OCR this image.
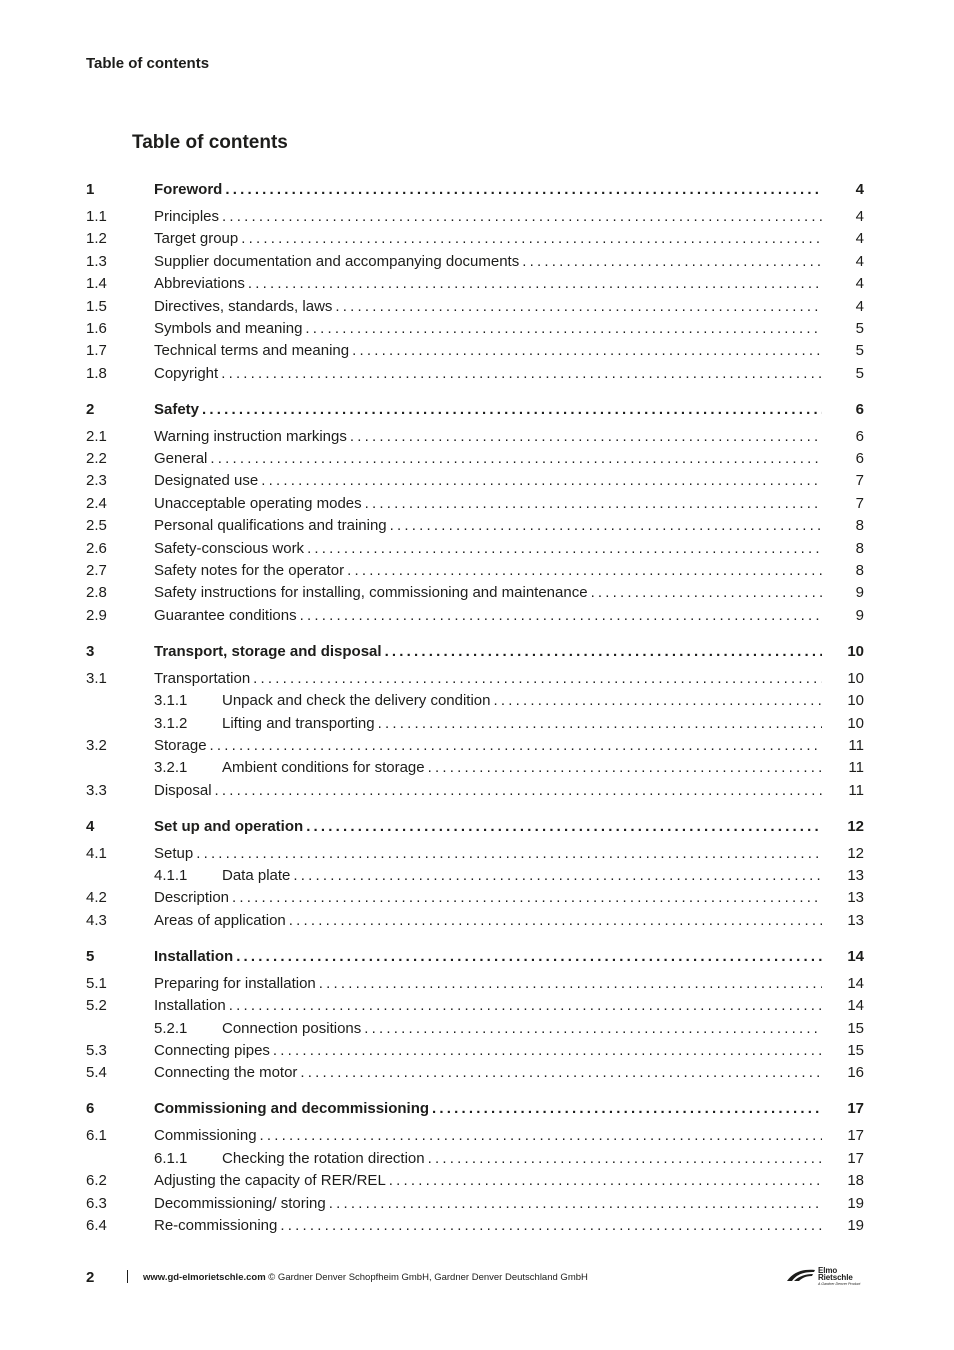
Table of contents
Table of contents
1	Foreword .....	4
1.1	Principles .....	4
1.2	Target group .....	4
1.3	Supplier documentation and accompanying documents .....	4
1.4	Abbreviations .....	4
1.5	Directives, standards, laws .....	4
1.6	Symbols and meaning .....	5
1.7	Technical terms and meaning .....	5
1.8	Copyright .....	5
2	Safety .....	6
2.1	Warning instruction markings .....	6
2.2	General .....	6
2.3	Designated use .....	7
2.4	Unacceptable operating modes .....	7
2.5	Personal qualifications and training .....	8
2.6	Safety-conscious work .....	8
2.7	Safety notes for the operator .....	8
2.8	Safety instructions for installing, commissioning and maintenance .....	9
2.9	Guarantee conditions .....	9
3	Transport, storage and disposal .....	10
3.1	Transportation .....	10
3.1.1 Unpack and check the delivery condition .....	10
3.1.2 Lifting and transporting .....	10
3.2	Storage .....	11
3.2.1 Ambient conditions for storage .....	11
3.3	Disposal .....	11
4	Set up and operation .....	12
4.1	Setup .....	12
4.1.1 Data plate .....	13
4.2	Description .....	13
4.3	Areas of application .....	13
5	Installation .....	14
5.1	Preparing for installation .....	14
5.2	Installation .....	14
5.2.1 Connection positions .....	15
5.3	Connecting pipes .....	15
5.4	Connecting the motor .....	16
6	Commissioning and decommissioning .....	17
6.1	Commissioning .....	17
6.1.1 Checking the rotation direction .....	17
6.2	Adjusting the capacity of RER/REL .....	18
6.3	Decommissioning/ storing .....	19
6.4	Re-commissioning .....	19
2	www.gd-elmorietschle.com © Gardner Denver Schopfheim GmbH, Gardner Denver Deutschland GmbH
Elmo
Rietschle
A Gardner Denver Product
